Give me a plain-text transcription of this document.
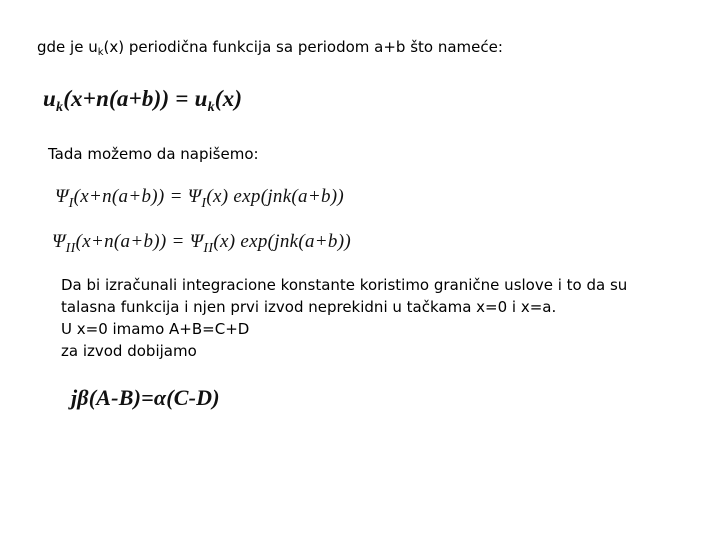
gde je $u_k(x)$ periodična funkcija sa periodom a+b što nameće:
$u_k(x+n(a+b)) = u_k(x)$
Tada možemo da napišemo:
$\Psi_I(x+n(a+b)) = \Psi_I(x)$ exp(jnk(a+b))
$\Psi_{II}(x+n(a+b)) = \Psi_{II}(x)$ exp(jnk(a+b))
Da bi izračunali integracione konstante koristimo granične uslove i to da su
talasna funkcija i njen prvi izvod neprekidni u tačkama x=0 i x=a.
U x=0 imamo A+B=C+D
za izvod dobijamo
jβ(A-B)=α(C-D)
